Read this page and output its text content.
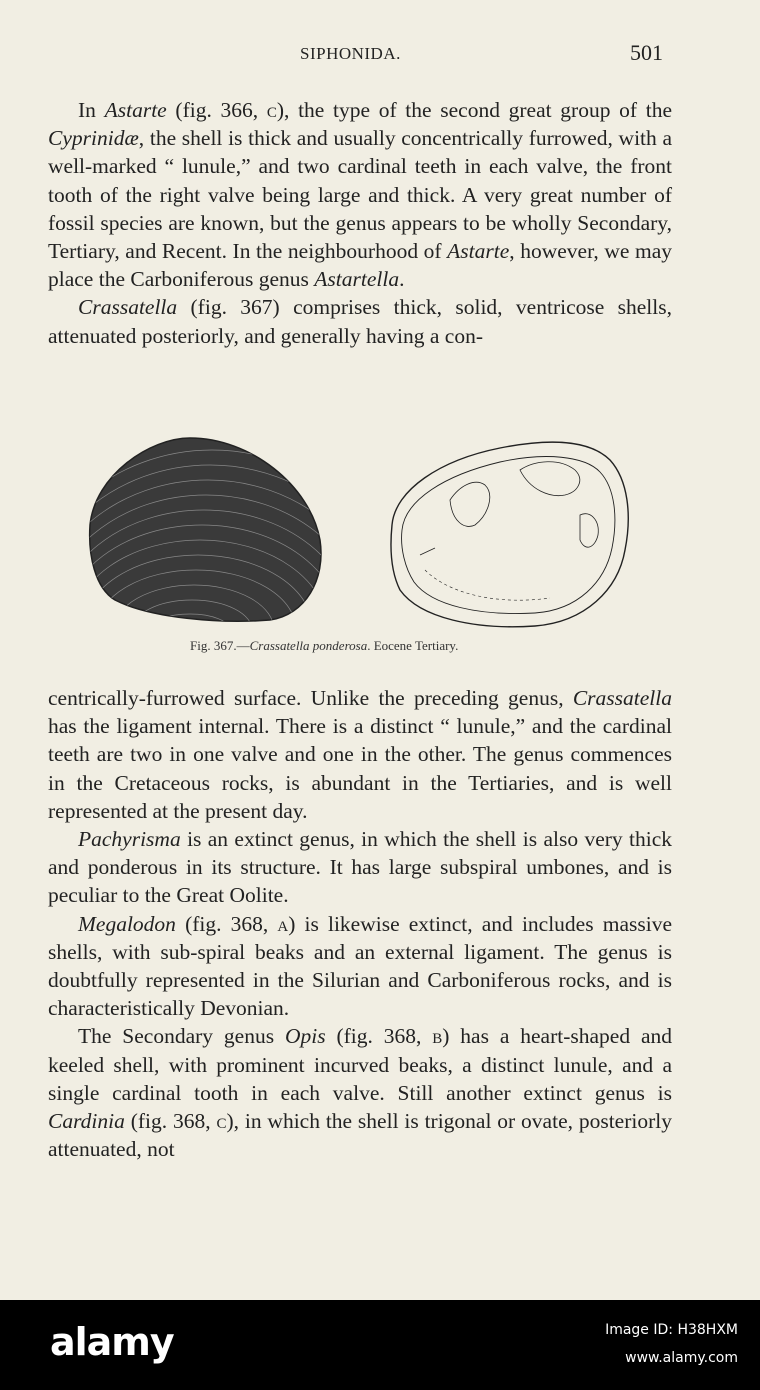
SIPHONIDA.	501

In Astarte (fig. 366, c), the type of the second great group of the Cyprinidæ, the shell is thick and usually concentrically furrowed, with a well-marked “ lunule,” and two cardinal teeth in each valve, the front tooth of the right valve being large and thick. A very great number of fossil species are known, but the genus appears to be wholly Secondary, Tertiary, and Recent. In the neighbourhood of Astarte, however, we may place the Carboniferous genus Astartella.

Crassatella (fig. 367) comprises thick, solid, ventricose shells, attenuated posteriorly, and generally having a con-

Fig. 367.—Crassatella ponderosa. Eocene Tertiary.

centrically-furrowed surface. Unlike the preceding genus, Crassatella has the ligament internal. There is a distinct “ lunule,” and the cardinal teeth are two in one valve and one in the other. The genus commences in the Cretaceous rocks, is abundant in the Tertiaries, and is well represented at the present day.

Pachyrisma is an extinct genus, in which the shell is also very thick and ponderous in its structure. It has large subspiral umbones, and is peculiar to the Great Oolite.

Megalodon (fig. 368, a) is likewise extinct, and includes massive shells, with sub-spiral beaks and an external ligament. The genus is doubtfully represented in the Silurian and Carboniferous rocks, and is characteristically Devonian.

The Secondary genus Opis (fig. 368, b) has a heart-shaped and keeled shell, with prominent incurved beaks, a distinct lunule, and a single cardinal tooth in each valve. Still another extinct genus is Cardinia (fig. 368, c), in which the shell is trigonal or ovate, posteriorly attenuated, not

alamy	Image ID: H38HXM
www.alamy.com
